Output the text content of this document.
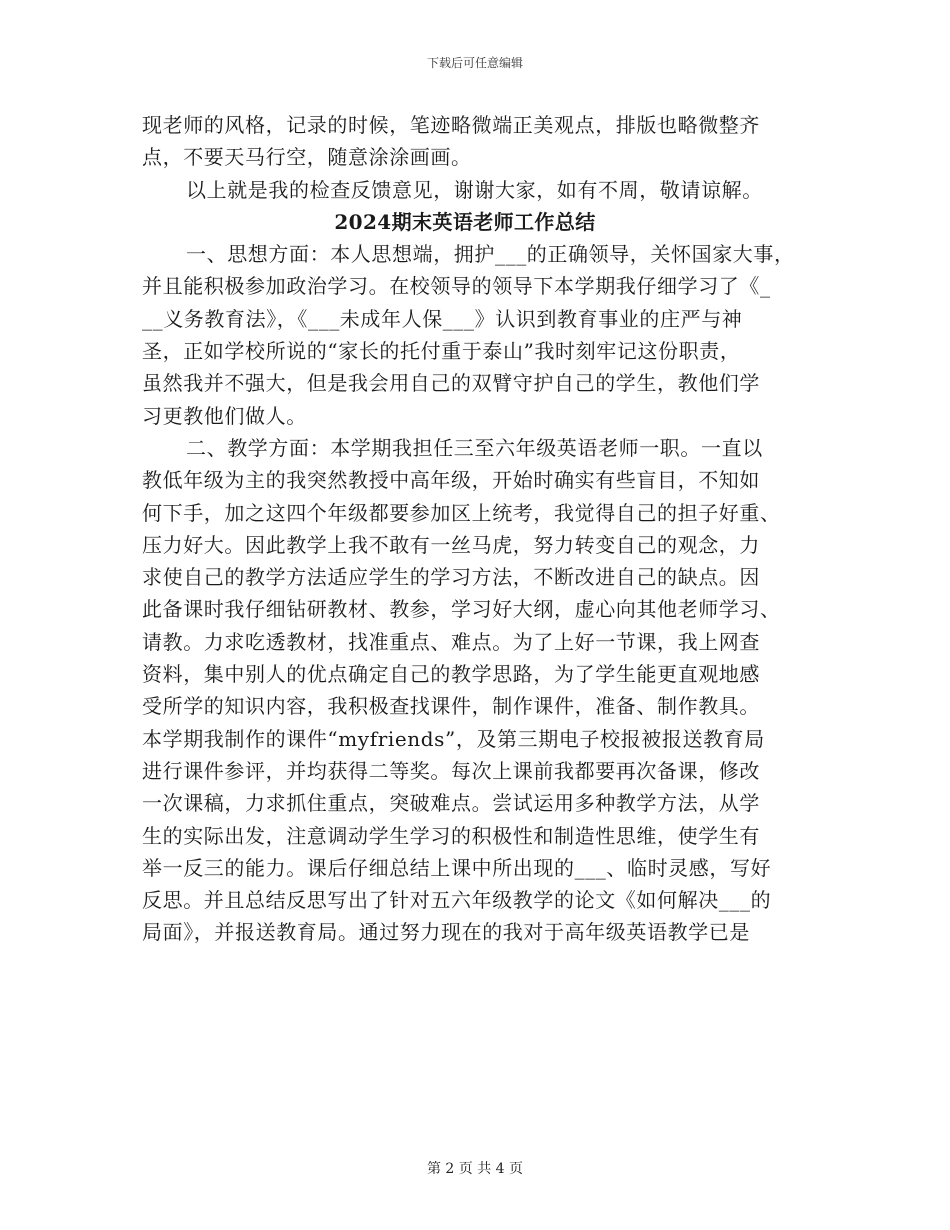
下载后可任意编辑

现老师的风格，记录的时候，笔迹略微端正美观点，排版也略微整齐
点，不要天马行空，随意涂涂画画。

以上就是我的检查反馈意见，谢谢大家，如有不周，敬请谅解。

2024期末英语老师工作总结

一、思想方面：本人思想端，拥护___的正确领导，关怀国家大事，
并且能积极参加政治学习。在校领导的领导下本学期我仔细学习了《_
__义务教育法》，《___未成年人保___》认识到教育事业的庄严与神
圣，正如学校所说的“家长的托付重于泰山”我时刻牢记这份职责，
虽然我并不强大，但是我会用自己的双臂守护自己的学生，教他们学
习更教他们做人。

二、教学方面：本学期我担任三至六年级英语老师一职。一直以
教低年级为主的我突然教授中高年级，开始时确实有些盲目，不知如
何下手，加之这四个年级都要参加区上统考，我觉得自己的担子好重、
压力好大。因此教学上我不敢有一丝马虎，努力转变自己的观念，力
求使自己的教学方法适应学生的学习方法，不断改进自己的缺点。因
此备课时我仔细钻研教材、教参，学习好大纲，虚心向其他老师学习、
请教。力求吃透教材，找准重点、难点。为了上好一节课，我上网查
资料，集中别人的优点确定自己的教学思路，为了学生能更直观地感
受所学的知识内容，我积极查找课件，制作课件，准备、制作教具。
本学期我制作的课件“myfriends”，及第三期电子校报被报送教育局
进行课件参评，并均获得二等奖。每次上课前我都要再次备课，修改
一次课稿，力求抓住重点，突破难点。尝试运用多种教学方法，从学
生的实际出发，注意调动学生学习的积极性和制造性思维，使学生有
举一反三的能力。课后仔细总结上课中所出现的___、临时灵感，写好
反思。并且总结反思写出了针对五六年级教学的论文《如何解决___的
局面》，并报送教育局。通过努力现在的我对于高年级英语教学已是

第 2 页 共 4 页
